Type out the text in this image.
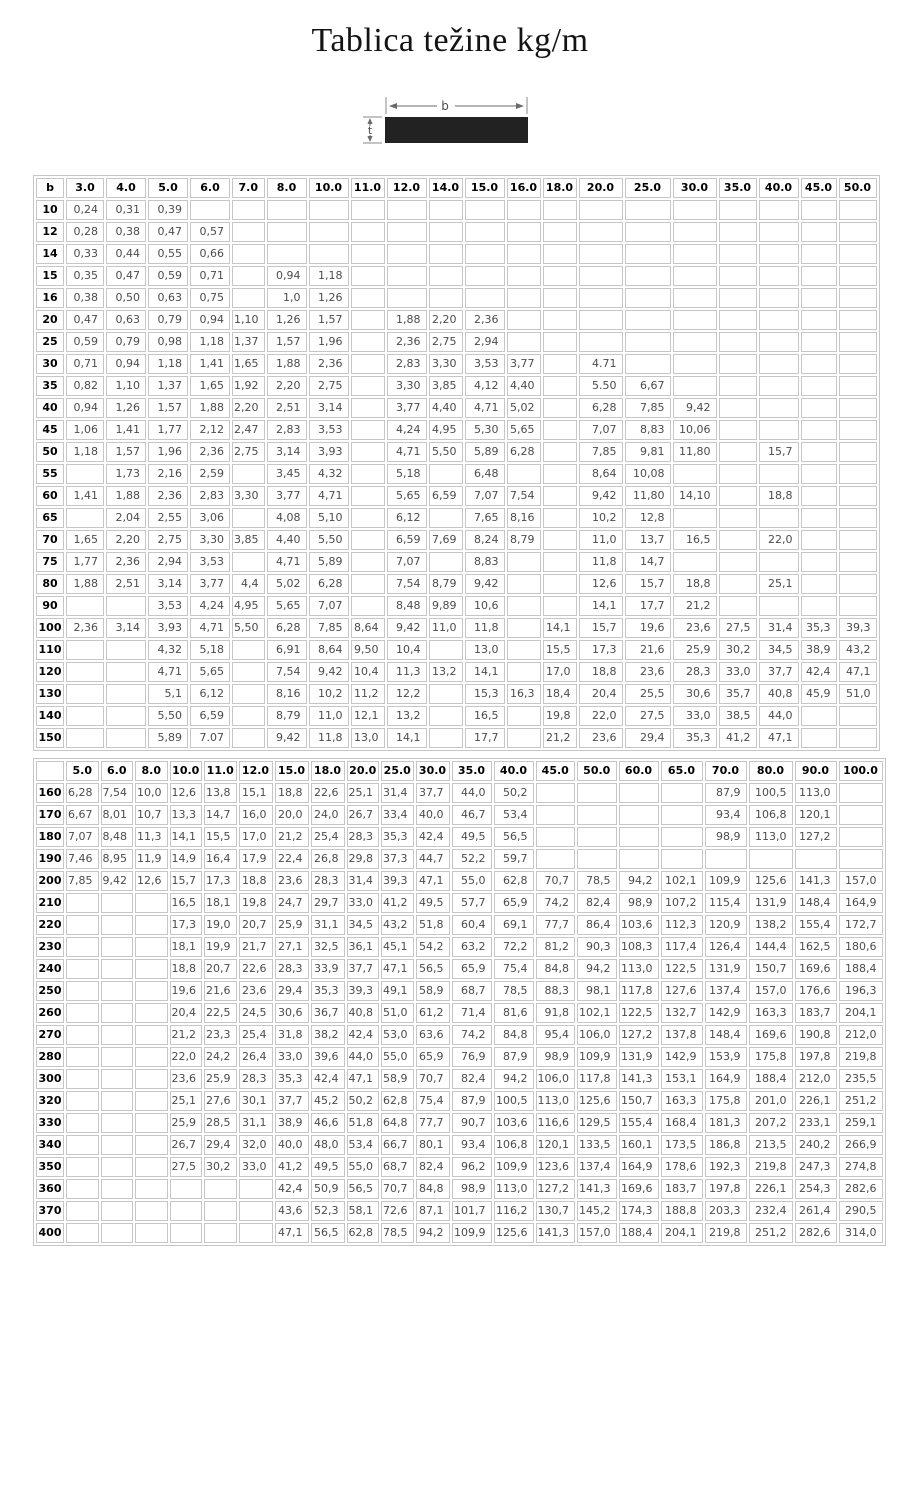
Tablica težine kg/m
b
t
b	3.0	4.0	5.0	6.0	7.0	8.0	10.0	11.0	12.0	14.0	15.0	16.0	18.0	20.0	25.0	30.0	35.0	40.0	45.0	50.0
10	0,24	0,31	0,39																	
12	0,28	0,38	0,47	0,57																
14	0,33	0,44	0,55	0,66																
15	0,35	0,47	0,59	0,71		0,94	1,18													
16	0,38	0,50	0,63	0,75		1,0	1,26													
20	0,47	0,63	0,79	0,94	1,10	1,26	1,57		1,88	2,20	2,36									
25	0,59	0,79	0,98	1,18	1,37	1,57	1,96		2,36	2,75	2,94									
30	0,71	0,94	1,18	1,41	1,65	1,88	2,36		2,83	3,30	3,53	3,77		4.71						
35	0,82	1,10	1,37	1,65	1,92	2,20	2,75		3,30	3,85	4,12	4,40		5.50	6,67					
40	0,94	1,26	1,57	1,88	2,20	2,51	3,14		3,77	4,40	4,71	5,02		6,28	7,85	9,42				
45	1,06	1,41	1,77	2,12	2,47	2,83	3,53		4,24	4,95	5,30	5,65		7,07	8,83	10,06				
50	1,18	1,57	1,96	2,36	2,75	3,14	3,93		4,71	5,50	5,89	6,28		7,85	9,81	11,80		15,7		
55		1,73	2,16	2,59		3,45	4,32		5,18		6,48			8,64	10,08					
60	1,41	1,88	2,36	2,83	3,30	3,77	4,71		5,65	6,59	7,07	7,54		9,42	11,80	14,10		18,8		
65		2,04	2,55	3,06		4,08	5,10		6,12		7,65	8,16		10,2	12,8					
70	1,65	2,20	2,75	3,30	3,85	4,40	5,50		6,59	7,69	8,24	8,79		11,0	13,7	16,5		22,0		
75	1,77	2,36	2,94	3,53		4,71	5,89		7,07		8,83			11,8	14,7					
80	1,88	2,51	3,14	3,77	4,4	5,02	6,28		7,54	8,79	9,42			12,6	15,7	18,8		25,1		
90			3,53	4,24	4,95	5,65	7,07		8,48	9,89	10,6			14,1	17,7	21,2				
100	2,36	3,14	3,93	4,71	5,50	6,28	7,85	8,64	9,42	11,0	11,8		14,1	15,7	19,6	23,6	27,5	31,4	35,3	39,3
110			4,32	5,18		6,91	8,64	9,50	10,4		13,0		15,5	17,3	21,6	25,9	30,2	34,5	38,9	43,2
120			4,71	5,65		7,54	9,42	10,4	11,3	13,2	14,1		17,0	18,8	23,6	28,3	33,0	37,7	42,4	47,1
130			5,1	6,12		8,16	10,2	11,2	12,2		15,3	16,3	18,4	20,4	25,5	30,6	35,7	40,8	45,9	51,0
140			5,50	6,59		8,79	11,0	12,1	13,2		16,5		19,8	22,0	27,5	33,0	38,5	44,0		
150			5,89	7.07		9,42	11,8	13,0	14,1		17,7		21,2	23,6	29,4	35,3	41,2	47,1		
	5.0	6.0	8.0	10.0	11.0	12.0	15.0	18.0	20.0	25.0	30.0	35.0	40.0	45.0	50.0	60.0	65.0	70.0	80.0	90.0	100.0
160	6,28	7,54	10,0	12,6	13,8	15,1	18,8	22,6	25,1	31,4	37,7	44,0	50,2					87,9	100,5	113,0	
170	6,67	8,01	10,7	13,3	14,7	16,0	20,0	24,0	26,7	33,4	40,0	46,7	53,4					93,4	106,8	120,1	
180	7,07	8,48	11,3	14,1	15,5	17,0	21,2	25,4	28,3	35,3	42,4	49,5	56,5					98,9	113,0	127,2	
190	7,46	8,95	11,9	14,9	16,4	17,9	22,4	26,8	29,8	37,3	44,7	52,2	59,7								
200	7,85	9,42	12,6	15,7	17,3	18,8	23,6	28,3	31,4	39,3	47,1	55,0	62,8	70,7	78,5	94,2	102,1	109,9	125,6	141,3	157,0
210				16,5	18,1	19,8	24,7	29,7	33,0	41,2	49,5	57,7	65,9	74,2	82,4	98,9	107,2	115,4	131,9	148,4	164,9
220				17,3	19,0	20,7	25,9	31,1	34,5	43,2	51,8	60,4	69,1	77,7	86,4	103,6	112,3	120,9	138,2	155,4	172,7
230				18,1	19,9	21,7	27,1	32,5	36,1	45,1	54,2	63,2	72,2	81,2	90,3	108,3	117,4	126,4	144,4	162,5	180,6
240				18,8	20,7	22,6	28,3	33,9	37,7	47,1	56,5	65,9	75,4	84,8	94,2	113,0	122,5	131,9	150,7	169,6	188,4
250				19,6	21,6	23,6	29,4	35,3	39,3	49,1	58,9	68,7	78,5	88,3	98,1	117,8	127,6	137,4	157,0	176,6	196,3
260				20,4	22,5	24,5	30,6	36,7	40,8	51,0	61,2	71,4	81,6	91,8	102,1	122,5	132,7	142,9	163,3	183,7	204,1
270				21,2	23,3	25,4	31,8	38,2	42,4	53,0	63,6	74,2	84,8	95,4	106,0	127,2	137,8	148,4	169,6	190,8	212,0
280				22,0	24,2	26,4	33,0	39,6	44,0	55,0	65,9	76,9	87,9	98,9	109,9	131,9	142,9	153,9	175,8	197,8	219,8
300				23,6	25,9	28,3	35,3	42,4	47,1	58,9	70,7	82,4	94,2	106,0	117,8	141,3	153,1	164,9	188,4	212,0	235,5
320				25,1	27,6	30,1	37,7	45,2	50,2	62,8	75,4	87,9	100,5	113,0	125,6	150,7	163,3	175,8	201,0	226,1	251,2
330				25,9	28,5	31,1	38,9	46,6	51,8	64,8	77,7	90,7	103,6	116,6	129,5	155,4	168,4	181,3	207,2	233,1	259,1
340				26,7	29,4	32,0	40,0	48,0	53,4	66,7	80,1	93,4	106,8	120,1	133,5	160,1	173,5	186,8	213,5	240,2	266,9
350				27,5	30,2	33,0	41,2	49,5	55,0	68,7	82,4	96,2	109,9	123,6	137,4	164,9	178,6	192,3	219,8	247,3	274,8
360							42,4	50,9	56,5	70,7	84,8	98,9	113,0	127,2	141,3	169,6	183,7	197,8	226,1	254,3	282,6
370							43,6	52,3	58,1	72,6	87,1	101,7	116,2	130,7	145,2	174,3	188,8	203,3	232,4	261,4	290,5
400							47,1	56,5	62,8	78,5	94,2	109,9	125,6	141,3	157,0	188,4	204,1	219,8	251,2	282,6	314,0
